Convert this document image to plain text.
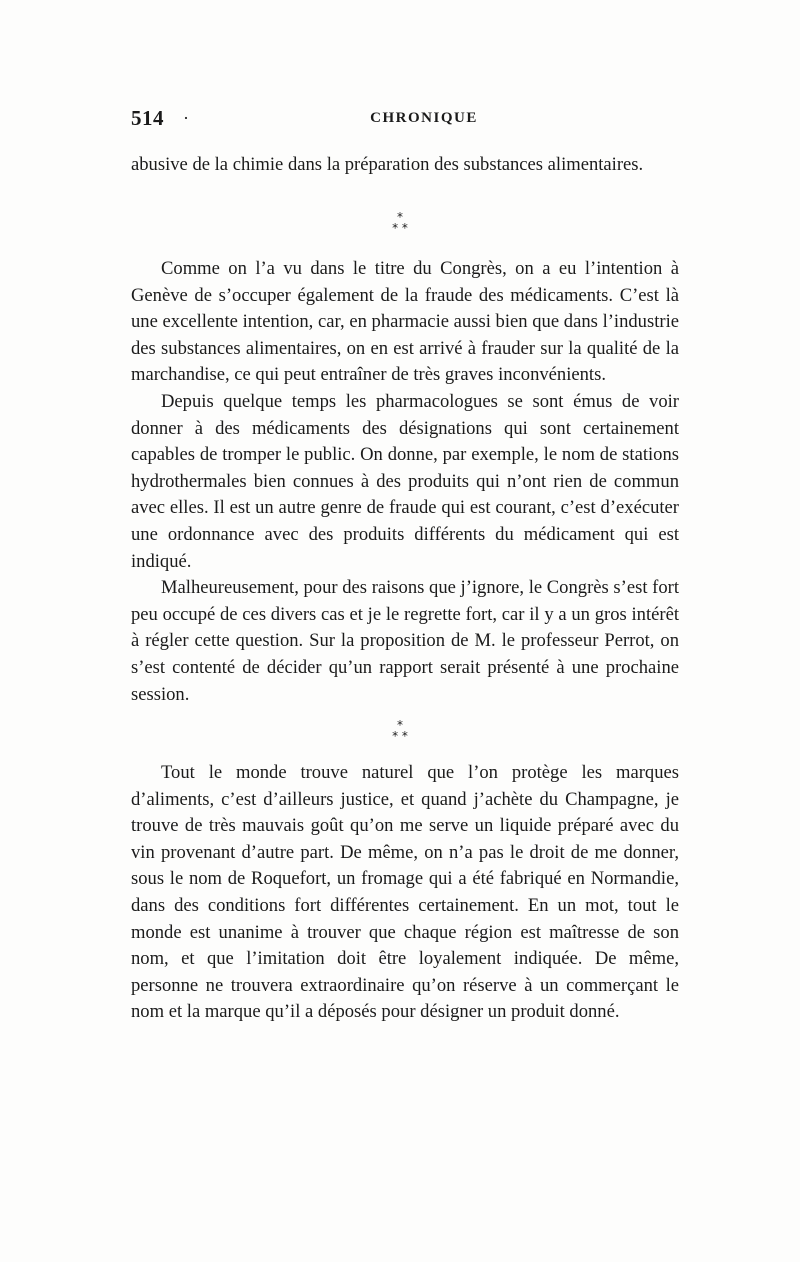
514 ·	CHRONIQUE

abusive de la chimie dans la préparation des substances alimentaires.

*
* *

Comme on l’a vu dans le titre du Congrès, on a eu l’intention à Genève de s’occuper également de la fraude des médicaments. C’est là une excellente intention, car, en pharmacie aussi bien que dans l’industrie des substances alimentaires, on en est arrivé à frauder sur la qualité de la marchandise, ce qui peut entraîner de très graves inconvénients.

Depuis quelque temps les pharmacologues se sont émus de voir donner à des médicaments des désignations qui sont certainement capables de tromper le public. On donne, par exemple, le nom de stations hydrothermales bien connues à des produits qui n’ont rien de commun avec elles. Il est un autre genre de fraude qui est courant, c’est d’exécuter une ordonnance avec des produits différents du médicament qui est indiqué.

Malheureusement, pour des raisons que j’ignore, le Congrès s’est fort peu occupé de ces divers cas et je le regrette fort, car il y a un gros intérêt à régler cette question. Sur la proposition de M. le professeur Perrot, on s’est contenté de décider qu’un rapport serait présenté à une prochaine session.

*
* *

Tout le monde trouve naturel que l’on protège les marques d’aliments, c’est d’ailleurs justice, et quand j’achète du Champagne, je trouve de très mauvais goût qu’on me serve un liquide préparé avec du vin provenant d’autre part. De même, on n’a pas le droit de me donner, sous le nom de Roquefort, un fromage qui a été fabriqué en Normandie, dans des conditions fort différentes certainement. En un mot, tout le monde est unanime à trouver que chaque région est maîtresse de son nom, et que l’imitation doit être loyalement indiquée. De même, personne ne trouvera extraordinaire qu’on réserve à un commerçant le nom et la marque qu’il a déposés pour désigner un produit donné.
